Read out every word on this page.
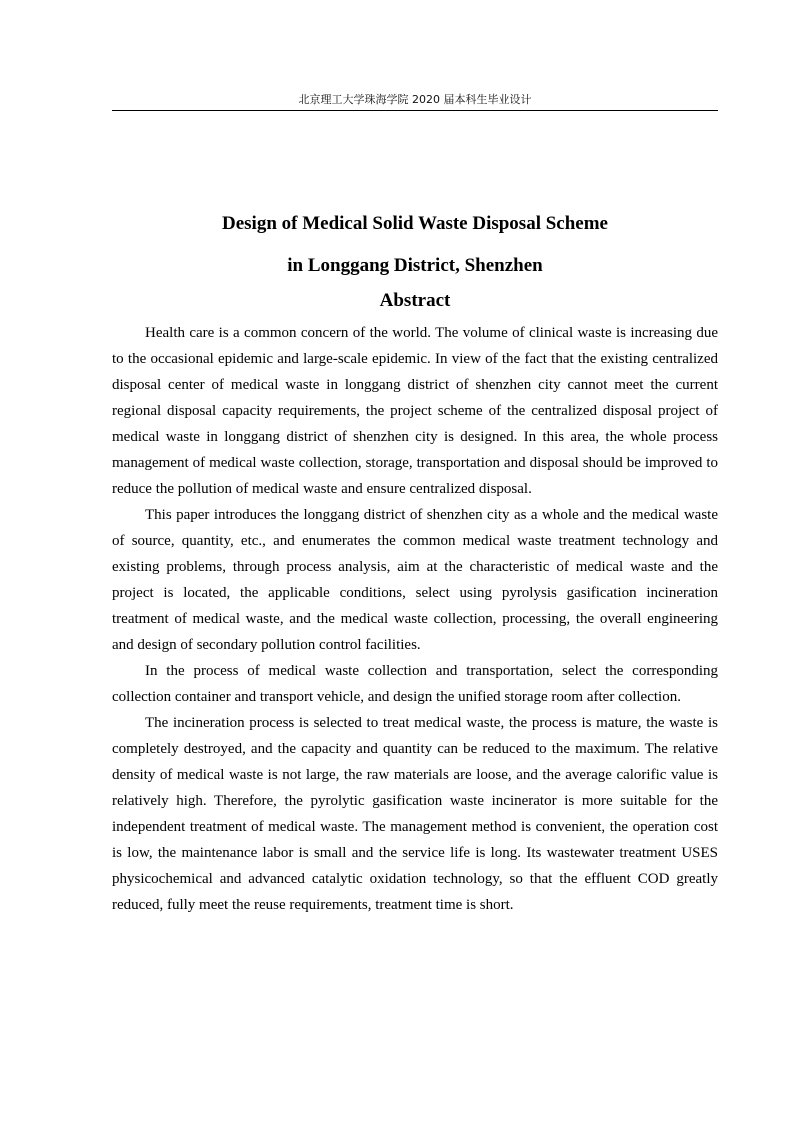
北京理工大学珠海学院 2020 届本科生毕业设计
Design of Medical Solid Waste Disposal Scheme
in Longgang District, Shenzhen
Abstract

Health care is a common concern of the world. The volume of clinical waste is increasing due to the occasional epidemic and large-scale epidemic. In view of the fact that the existing centralized disposal center of medical waste in longgang district of shenzhen city cannot meet the current regional disposal capacity requirements, the project scheme of the centralized disposal project of medical waste in longgang district of shenzhen city is designed. In this area, the whole process management of medical waste collection, storage, transportation and disposal should be improved to reduce the pollution of medical waste and ensure centralized disposal.

This paper introduces the longgang district of shenzhen city as a whole and the medical waste of source, quantity, etc., and enumerates the common medical waste treatment technology and existing problems, through process analysis, aim at the characteristic of medical waste and the project is located, the applicable conditions, select using pyrolysis gasification incineration treatment of medical waste, and the medical waste collection, processing, the overall engineering and design of secondary pollution control facilities.

In the process of medical waste collection and transportation, select the corresponding collection container and transport vehicle, and design the unified storage room after collection.

The incineration process is selected to treat medical waste, the process is mature, the waste is completely destroyed, and the capacity and quantity can be reduced to the maximum. The relative density of medical waste is not large, the raw materials are loose, and the average calorific value is relatively high. Therefore, the pyrolytic gasification waste incinerator is more suitable for the independent treatment of medical waste. The management method is convenient, the operation cost is low, the maintenance labor is small and the service life is long. Its wastewater treatment USES physicochemical and advanced catalytic oxidation technology, so that the effluent COD greatly reduced, fully meet the reuse requirements, treatment time is short.
